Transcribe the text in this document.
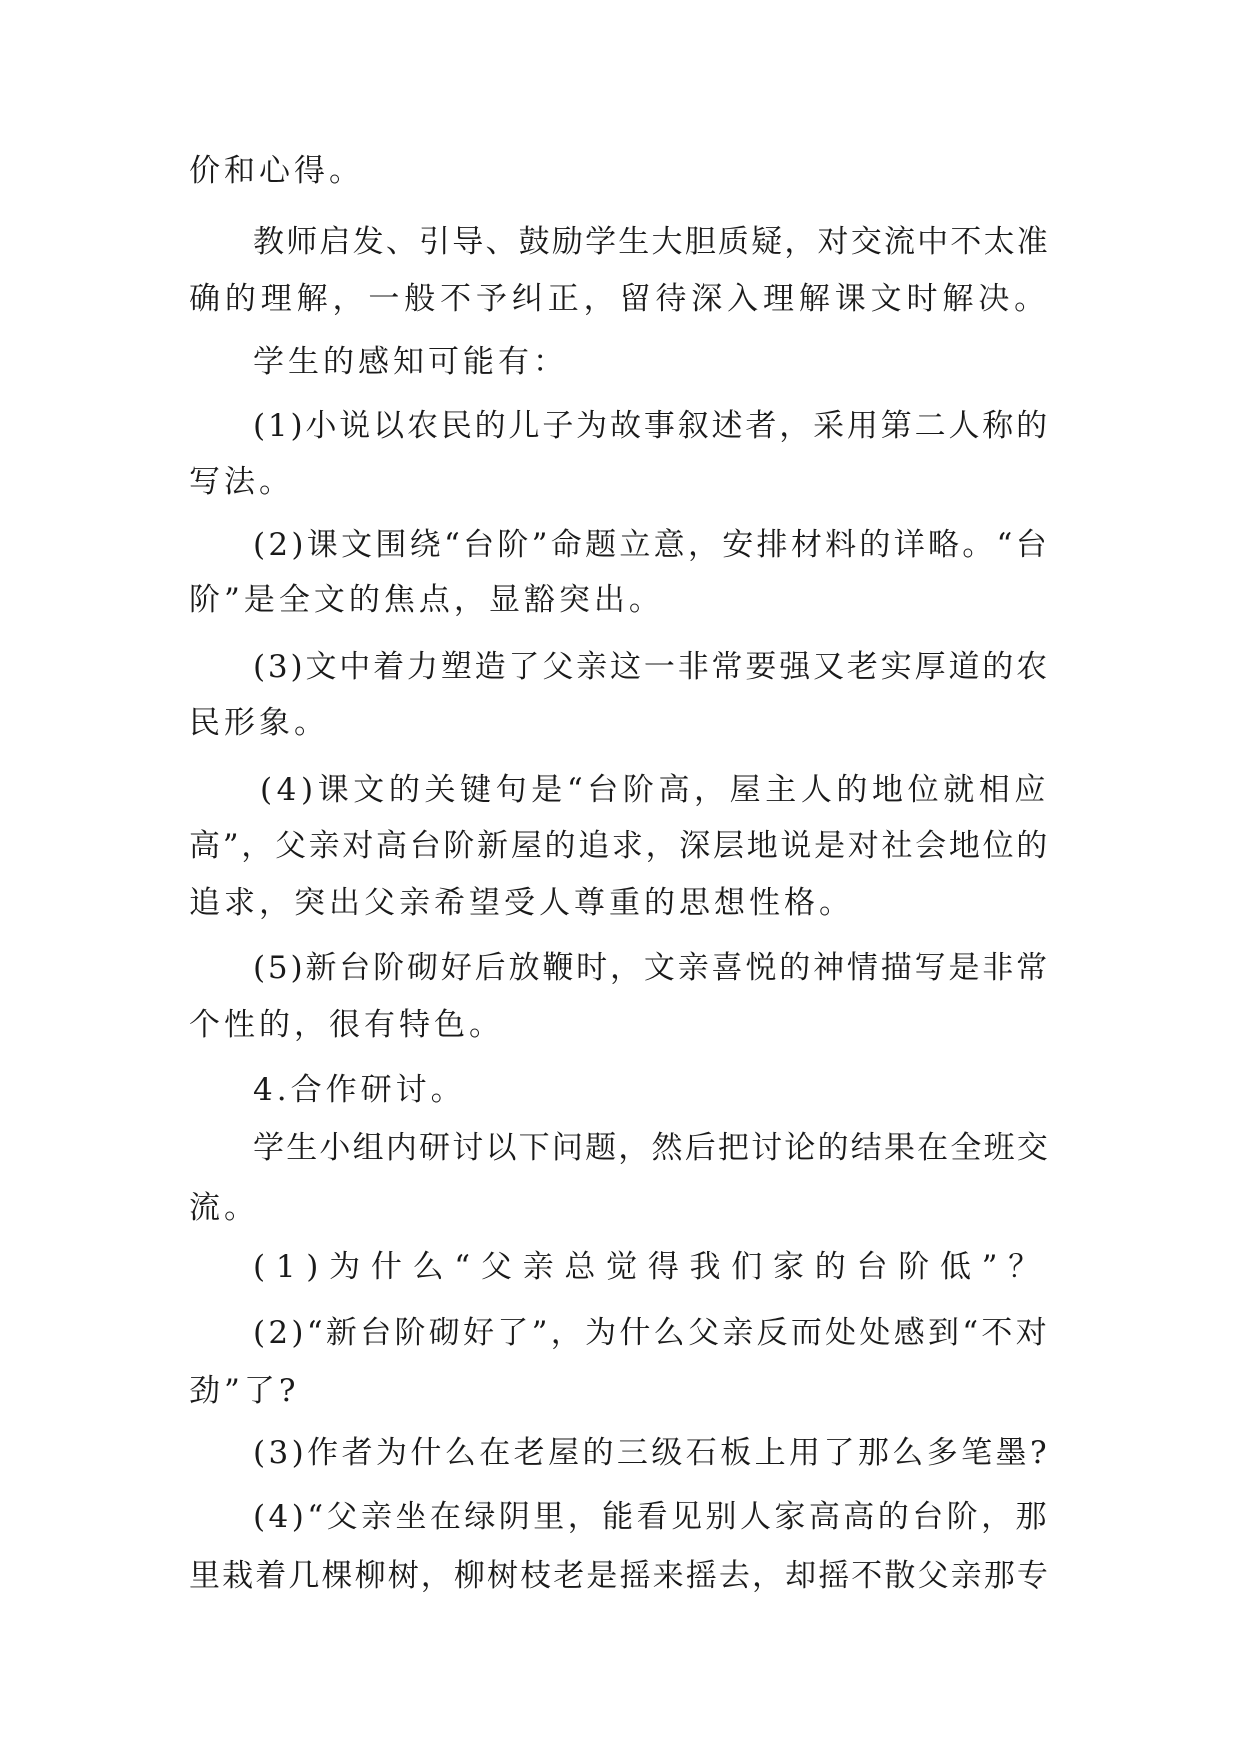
价和心得。
教师启发、引导、鼓励学生大胆质疑，对交流中不太准
确的理解，一般不予纠正，留待深入理解课文时解决。
学生的感知可能有：
(1)小说以农民的儿子为故事叙述者，采用第二人称的
写法。
(2)课文围绕“台阶”命题立意，安排材料的详略。“台
阶”是全文的焦点，显豁突出。
(3)文中着力塑造了父亲这一非常要强又老实厚道的农
民形象。
(4)课文的关键句是“台阶高，屋主人的地位就相应
高”，父亲对高台阶新屋的追求，深层地说是对社会地位的
追求，突出父亲希望受人尊重的思想性格。
(5)新台阶砌好后放鞭时，文亲喜悦的神情描写是非常
个性的，很有特色。
4.合作研讨。
学生小组内研讨以下问题，然后把讨论的结果在全班交
流。
(1)为什么“父亲总觉得我们家的台阶低”？
(2)“新台阶砌好了”，为什么父亲反而处处感到“不对
劲”了?
(3)作者为什么在老屋的三级石板上用了那么多笔墨?
(4)“父亲坐在绿阴里，能看见别人家高高的台阶，那
里栽着几棵柳树，柳树枝老是摇来摇去，却摇不散父亲那专
